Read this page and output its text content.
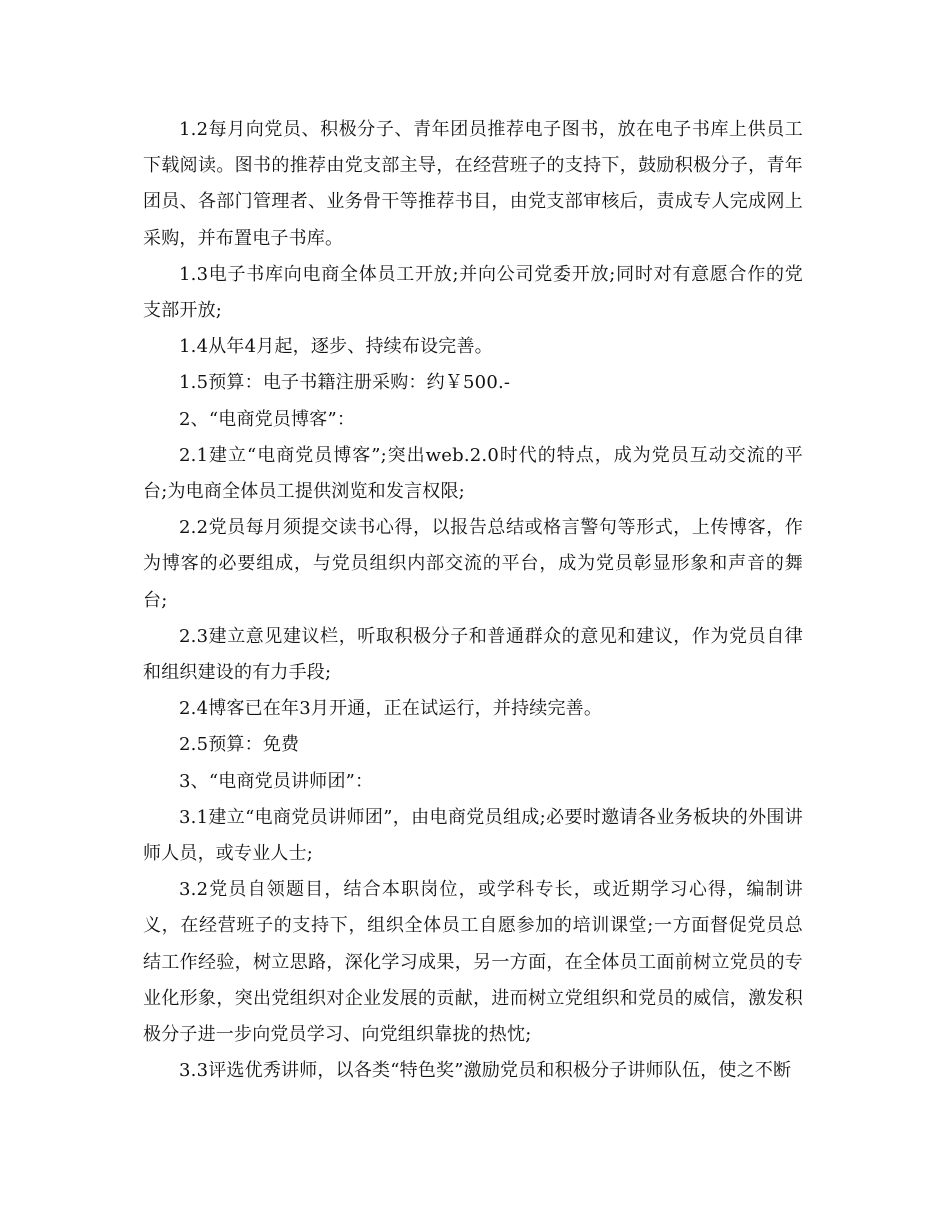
1.2每月向党员、积极分子、青年团员推荐电子图书，放在电子书库上供员工下载阅读。图书的推荐由党支部主导，在经营班子的支持下，鼓励积极分子，青年团员、各部门管理者、业务骨干等推荐书目，由党支部审核后，责成专人完成网上采购，并布置电子书库。

1.3电子书库向电商全体员工开放;并向公司党委开放;同时对有意愿合作的党支部开放;

1.4从年4月起，逐步、持续布设完善。

1.5预算：电子书籍注册采购：约￥500.-

2、“电商党员博客”：

2.1建立“电商党员博客”;突出web.2.0时代的特点，成为党员互动交流的平台;为电商全体员工提供浏览和发言权限;

2.2党员每月须提交读书心得，以报告总结或格言警句等形式，上传博客，作为博客的必要组成，与党员组织内部交流的平台，成为党员彰显形象和声音的舞台;

2.3建立意见建议栏，听取积极分子和普通群众的意见和建议，作为党员自律和组织建设的有力手段;

2.4博客已在年3月开通，正在试运行，并持续完善。

2.5预算：免费

3、“电商党员讲师团”：

3.1建立“电商党员讲师团”，由电商党员组成;必要时邀请各业务板块的外围讲师人员，或专业人士;

3.2党员自领题目，结合本职岗位，或学科专长，或近期学习心得，编制讲义，在经营班子的支持下，组织全体员工自愿参加的培训课堂;一方面督促党员总结工作经验，树立思路，深化学习成果，另一方面，在全体员工面前树立党员的专业化形象，突出党组织对企业发展的贡献，进而树立党组织和党员的威信，激发积极分子进一步向党员学习、向党组织靠拢的热忱;

3.3评选优秀讲师，以各类“特色奖”激励党员和积极分子讲师队伍，使之不断
